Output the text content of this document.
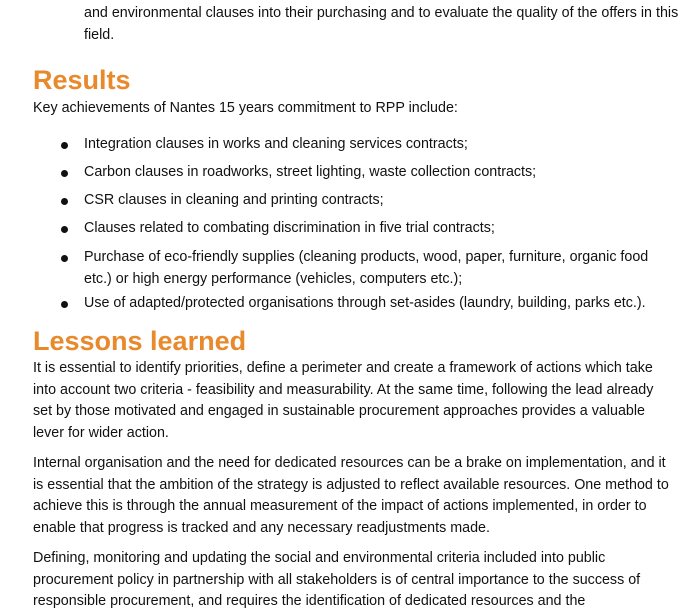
and environmental clauses into their purchasing and to evaluate the quality of the offers in this field.

Results

Key achievements of Nantes 15 years commitment to RPP include:

Integration clauses in works and cleaning services contracts;
Carbon clauses in roadworks, street lighting, waste collection contracts;
CSR clauses in cleaning and printing contracts;
Clauses related to combating discrimination in five trial contracts;
Purchase of eco-friendly supplies (cleaning products, wood, paper, furniture, organic food etc.) or high energy performance (vehicles, computers etc.);
Use of adapted/protected organisations through set-asides (laundry, building, parks etc.).
Lessons learned

It is essential to identify priorities, define a perimeter and create a framework of actions which take into account two criteria - feasibility and measurability. At the same time, following the lead already set by those motivated and engaged in sustainable procurement approaches provides a valuable lever for wider action.

Internal organisation and the need for dedicated resources can be a brake on implementation, and it is essential that the ambition of the strategy is adjusted to reflect available resources. One method to achieve this is through the annual measurement of the impact of actions implemented, in order to enable that progress is tracked and any necessary readjustments made.

Defining, monitoring and updating the social and environmental criteria included into public procurement policy in partnership with all stakeholders is of central importance to the success of responsible procurement, and requires the identification of dedicated resources and the
